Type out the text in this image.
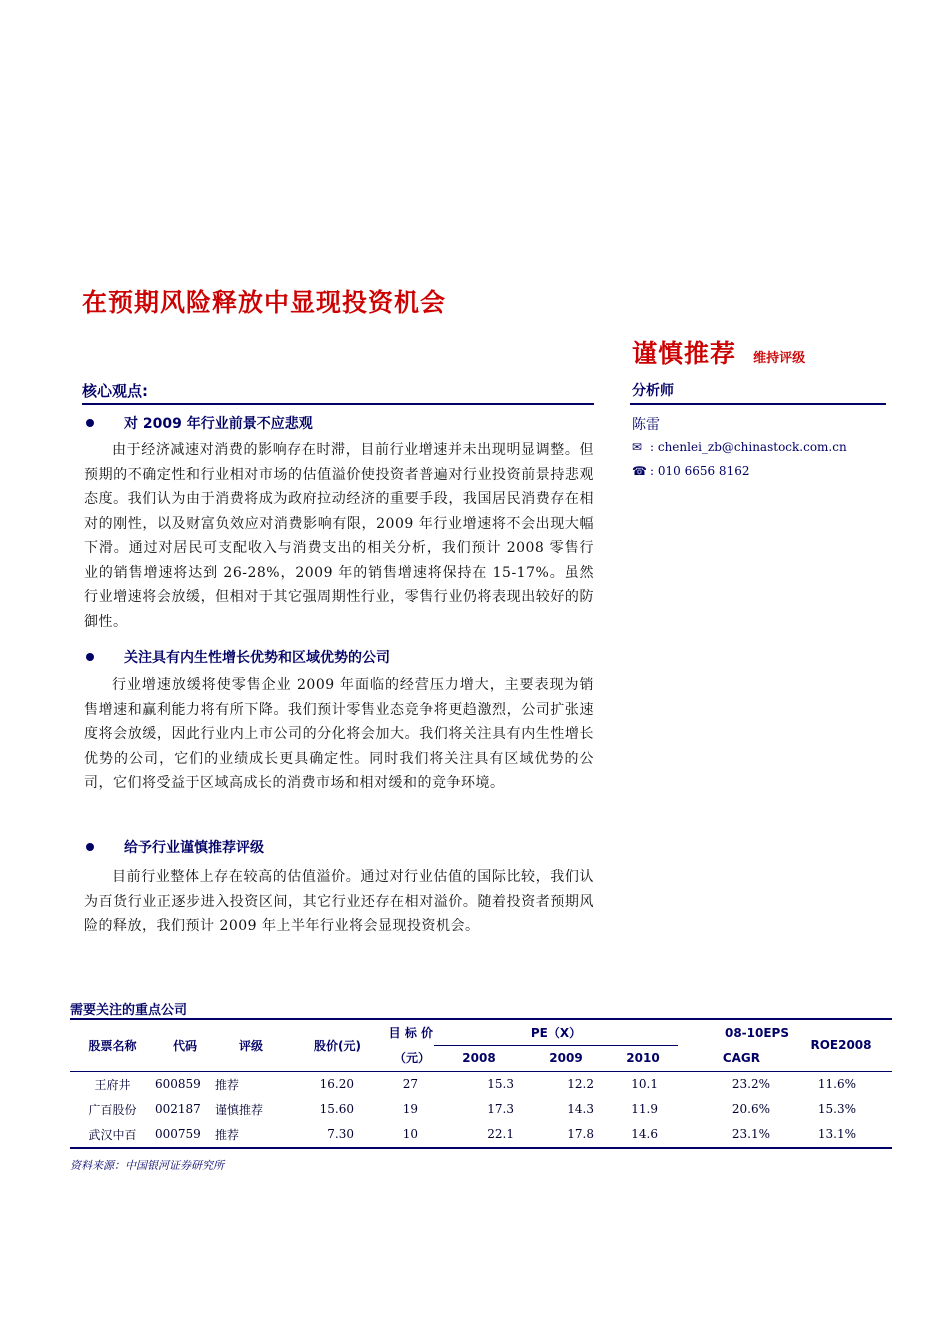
在预期风险释放中显现投资机会
谨慎推荐 维持评级
核心观点:	分析师
陈雷
✉ : chenlei_zb@chinastock.com.cn
☎ : 010 6656 8162
对 2009 年行业前景不应悲观
由于经济减速对消费的影响存在时滞，目前行业增速并未出现明显调整。但预期的不确定性和行业相对市场的估值溢价使投资者普遍对行业投资前景持悲观态度。我们认为由于消费将成为政府拉动经济的重要手段，我国居民消费存在相对的刚性，以及财富负效应对消费影响有限，2009 年行业增速将不会出现大幅下滑。通过对居民可支配收入与消费支出的相关分析，我们预计 2008 零售行业的销售增速将达到 26-28%，2009 年的销售增速将保持在 15-17%。虽然行业增速将会放缓，但相对于其它强周期性行业，零售行业仍将表现出较好的防御性。
关注具有内生性增长优势和区域优势的公司
行业增速放缓将使零售企业 2009 年面临的经营压力增大，主要表现为销售增速和赢利能力将有所下降。我们预计零售业态竞争将更趋激烈，公司扩张速度将会放缓，因此行业内上市公司的分化将会加大。我们将关注具有内生性增长优势的公司，它们的业绩成长更具确定性。同时我们将关注具有区域优势的公司，它们将受益于区域高成长的消费市场和相对缓和的竞争环境。
给予行业谨慎推荐评级
目前行业整体上存在较高的估值溢价。通过对行业估值的国际比较，我们认为百货行业正逐步进入投资区间，其它行业还存在相对溢价。随着投资者预期风险的释放，我们预计 2009 年上半年行业将会显现投资机会。
需要关注的重点公司
股票名称	代码	评级	股价(元)	目 标 价	PE（X）			08-10EPS	ROE2008
				（元）	2008	2009	2010	CAGR	
王府井	600859	推荐	16.20	27	15.3	12.2	10.1	23.2%	11.6%
广百股份	002187	谨慎推荐	15.60	19	17.3	14.3	11.9	20.6%	15.3%
武汉中百	000759	推荐	7.30	10	22.1	17.8	14.6	23.1%	13.1%
资料来源：中国银河证券研究所
